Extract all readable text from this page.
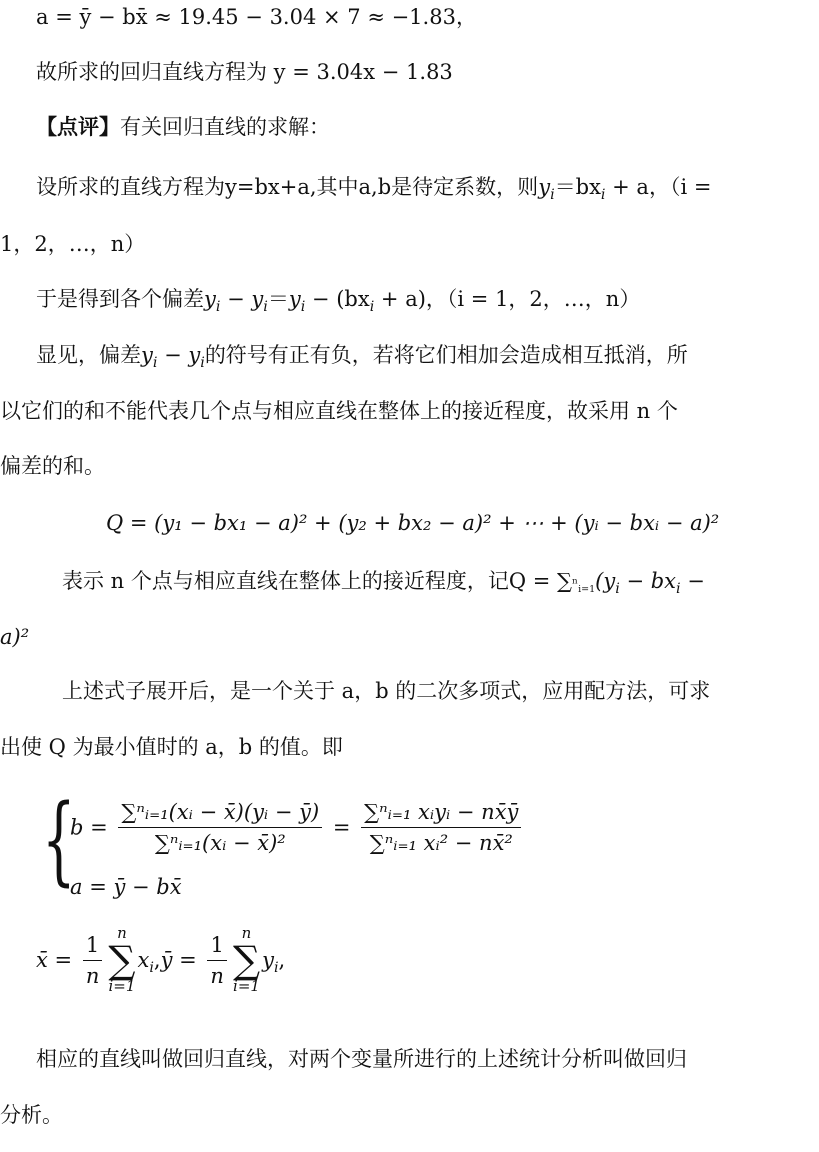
a = ȳ − bx̄ ≈ 19.45 − 3.04 × 7 ≈ −1.83，
故所求的回归直线方程为 y = 3.04x − 1.83
【点评】有关回归直线的求解：
设所求的直线方程为y=bx+a,其中a,b是待定系数，则$y_i=bx_i + a$，（i =
1，2，…，n）
于是得到各个偏差$y_i - y_i=y_i - (bx_i + a)$，（i = 1，2，…，n）
显见，偏差$y_i - y_i$的符号有正有负，若将它们相加会造成相互抵消，所
以它们的和不能代表几个点与相应直线在整体上的接近程度，故采用 n 个
偏差的和。
Q = (y₁ − bx₁ − a)² + (y₂ + bx₂ − a)² + ⋯ + (yᵢ − bxᵢ − a)²
表示 n 个点与相应直线在整体上的接近程度，记$Q = \sum^n_{i=1}(y_i - bx_i$ −
a)²
上述式子展开后，是一个关于 a，b 的二次多项式，应用配方法，可求
出使 Q 为最小值时的 a，b 的值。即
{
$b = \frac{\text{∑ⁿᵢ₌₁(xᵢ − x̄)(yᵢ − ȳ)}}{\text{∑ⁿᵢ₌₁(xᵢ − x̄)²}} = \frac{\text{∑ⁿᵢ₌₁ xᵢyᵢ − nx̄ȳ}}{\text{∑ⁿᵢ₌₁ xᵢ² − nx̄²}}$
a = ȳ − bx̄
x̄ = $\frac{1}{n}$ n
∑
i=1
$x_i,ȳ = \frac{1}{n}$ n
∑
i=1
$y_i$,
相应的直线叫做回归直线，对两个变量所进行的上述统计分析叫做回归
分析。
